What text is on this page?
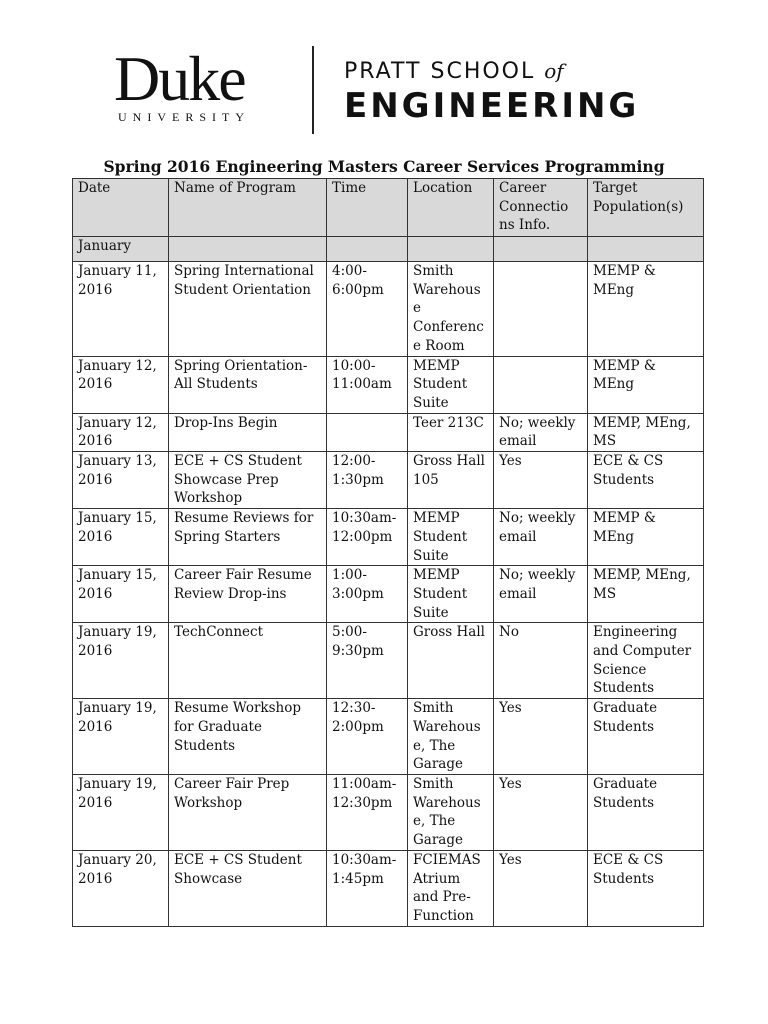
Duke
UNIVERSITY
PRATT SCHOOL of
ENGINEERING
Spring 2016 Engineering Masters Career Services Programming
Date	Name of Program	Time	Location	Career Connectio ns Info.	Target Population(s)
January					
January 11, 2016	Spring International Student Orientation	4:00- 6:00pm	Smith Warehous e Conferenc e Room		MEMP & MEng
January 12, 2016	Spring Orientation- All Students	10:00- 11:00am	MEMP Student Suite		MEMP & MEng
January 12, 2016	Drop-Ins Begin		Teer 213C	No; weekly email	MEMP, MEng, MS
January 13, 2016	ECE + CS Student Showcase Prep Workshop	12:00- 1:30pm	Gross Hall 105	Yes	ECE & CS Students
January 15, 2016	Resume Reviews for Spring Starters	10:30am- 12:00pm	MEMP Student Suite	No; weekly email	MEMP & MEng
January 15, 2016	Career Fair Resume Review Drop-ins	1:00- 3:00pm	MEMP Student Suite	No; weekly email	MEMP, MEng, MS
January 19, 2016	TechConnect	5:00- 9:30pm	Gross Hall	No	Engineering and Computer Science Students
January 19, 2016	Resume Workshop for Graduate Students	12:30- 2:00pm	Smith Warehous e, The Garage	Yes	Graduate Students
January 19, 2016	Career Fair Prep Workshop	11:00am- 12:30pm	Smith Warehous e, The Garage	Yes	Graduate Students
January 20, 2016	ECE + CS Student Showcase	10:30am- 1:45pm	FCIEMAS Atrium and Pre- Function	Yes	ECE & CS Students
